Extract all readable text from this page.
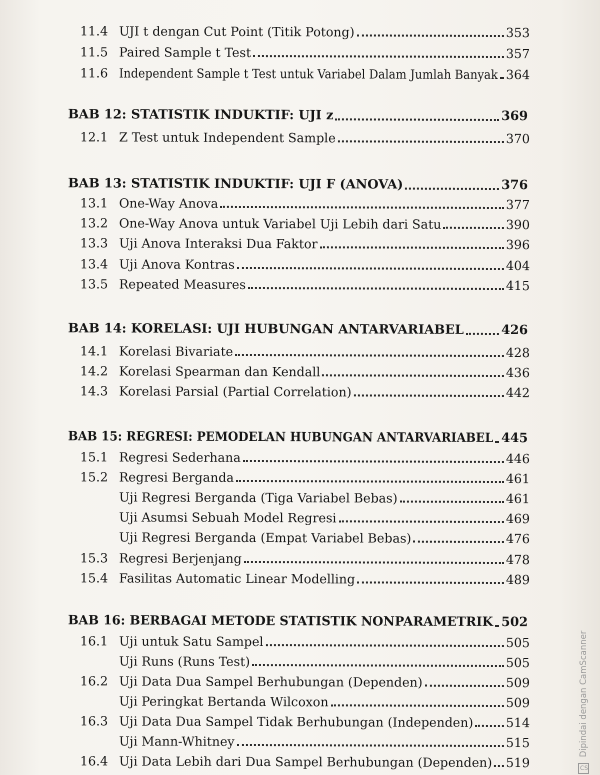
11.4 UJI t dengan Cut Point (Titik Potong)	353
11.5 Paired Sample t Test	357
11.6 Independent Sample t Test untuk Variabel Dalam Jumlah Banyak 364
BAB 12: STATISTIK INDUKTIF: UJI z	369
12.1 Z Test untuk Independent Sample	370
BAB 13: STATISTIK INDUKTIF: UJI F (ANOVA)	376
13.1 One-Way Anova	377
13.2 One-Way Anova untuk Variabel Uji Lebih dari Satu	390
13.3 Uji Anova Interaksi Dua Faktor	396
13.4 Uji Anova Kontras	404
13.5 Repeated Measures	415
BAB 14: KORELASI: UJI HUBUNGAN ANTARVARIABEL	426
14.1 Korelasi Bivariate	428
14.2 Korelasi Spearman dan Kendall	436
14.3 Korelasi Parsial (Partial Correlation)	442
BAB 15: REGRESI: PEMODELAN HUBUNGAN ANTARVARIABEL 445
15.1 Regresi Sederhana	446
15.2 Regresi Berganda	461
Uji Regresi Berganda (Tiga Variabel Bebas)	461
Uji Asumsi Sebuah Model Regresi	469
Uji Regresi Berganda (Empat Variabel Bebas)	476
15.3 Regresi Berjenjang	478
15.4 Fasilitas Automatic Linear Modelling	489
BAB 16: BERBAGAI METODE STATISTIK NONPARAMETRIK 502
16.1 Uji untuk Satu Sampel	505
Uji Runs (Runs Test)	505
16.2 Uji Data Dua Sampel Berhubungan (Dependen)	509
Uji Peringkat Bertanda Wilcoxon	509
16.3 Uji Data Dua Sampel Tidak Berhubungan (Independen)	514
Uji Mann-Whitney	515
16.4 Uji Data Lebih dari Dua Sampel Berhubungan (Dependen) 519	CS Dipindai dengan CamScanner
